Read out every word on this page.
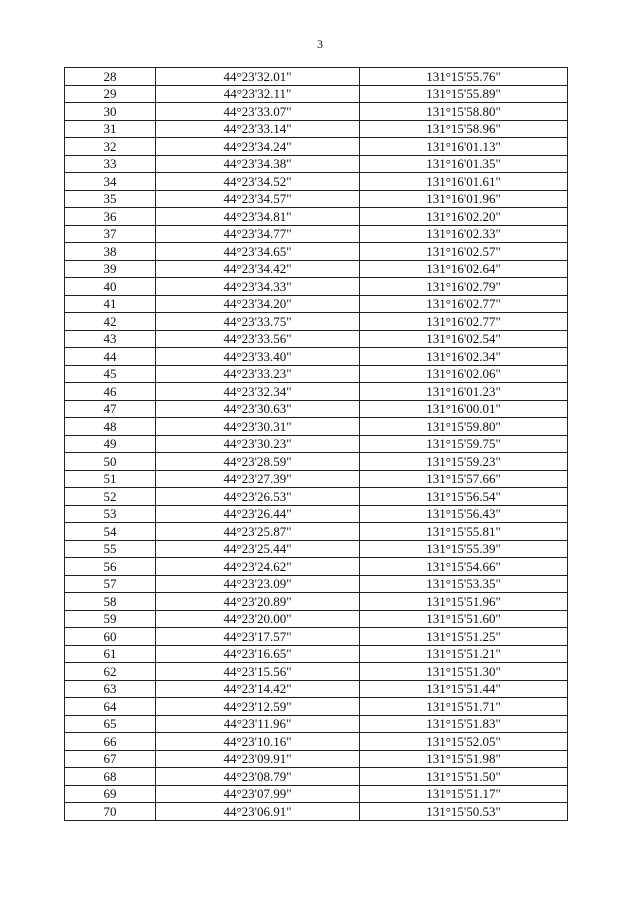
3
28	44°23'32.01"	131°15'55.76"
29	44°23'32.11"	131°15'55.89"
30	44°23'33.07"	131°15'58.80"
31	44°23'33.14"	131°15'58.96"
32	44°23'34.24"	131°16'01.13"
33	44°23'34.38"	131°16'01.35"
34	44°23'34.52"	131°16'01.61"
35	44°23'34.57"	131°16'01.96"
36	44°23'34.81"	131°16'02.20"
37	44°23'34.77"	131°16'02.33"
38	44°23'34.65"	131°16'02.57"
39	44°23'34.42"	131°16'02.64"
40	44°23'34.33"	131°16'02.79"
41	44°23'34.20"	131°16'02.77"
42	44°23'33.75"	131°16'02.77"
43	44°23'33.56"	131°16'02.54"
44	44°23'33.40"	131°16'02.34"
45	44°23'33.23"	131°16'02.06"
46	44°23'32.34"	131°16'01.23"
47	44°23'30.63"	131°16'00.01"
48	44°23'30.31"	131°15'59.80"
49	44°23'30.23"	131°15'59.75"
50	44°23'28.59"	131°15'59.23"
51	44°23'27.39"	131°15'57.66"
52	44°23'26.53"	131°15'56.54"
53	44°23'26.44"	131°15'56.43"
54	44°23'25.87"	131°15'55.81"
55	44°23'25.44"	131°15'55.39"
56	44°23'24.62"	131°15'54.66"
57	44°23'23.09"	131°15'53.35"
58	44°23'20.89"	131°15'51.96"
59	44°23'20.00"	131°15'51.60"
60	44°23'17.57"	131°15'51.25"
61	44°23'16.65"	131°15'51.21"
62	44°23'15.56"	131°15'51.30"
63	44°23'14.42"	131°15'51.44"
64	44°23'12.59"	131°15'51.71"
65	44°23'11.96"	131°15'51.83"
66	44°23'10.16"	131°15'52.05"
67	44°23'09.91"	131°15'51.98"
68	44°23'08.79"	131°15'51.50"
69	44°23'07.99"	131°15'51.17"
70	44°23'06.91"	131°15'50.53"
